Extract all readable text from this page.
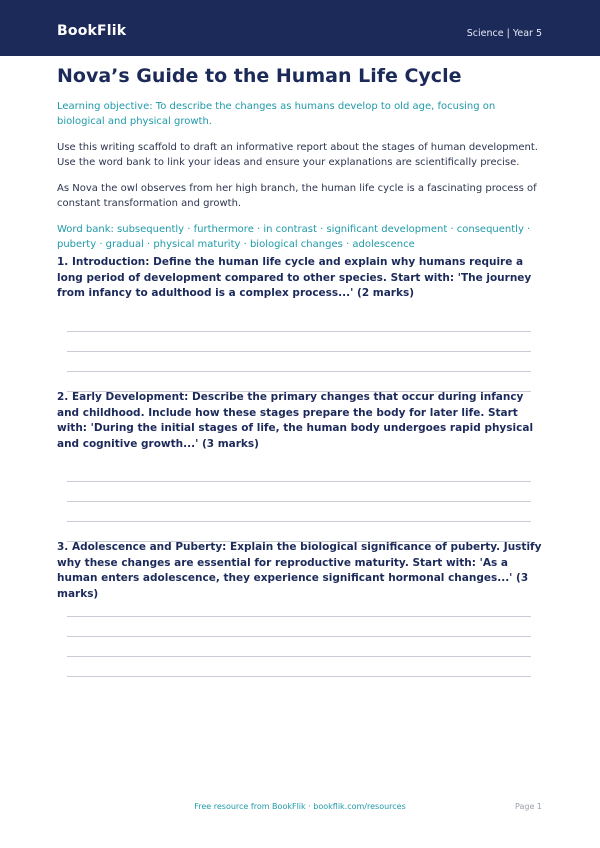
BookFlik	Science | Year 5
Nova’s Guide to the Human Life Cycle
Learning objective: To describe the changes as humans develop to old age, focusing on biological and physical growth.
Use this writing scaffold to draft an informative report about the stages of human development. Use the word bank to link your ideas and ensure your explanations are scientifically precise.
As Nova the owl observes from her high branch, the human life cycle is a fascinating process of constant transformation and growth.
Word bank: subsequently · furthermore · in contrast · significant development · consequently · puberty · gradual · physical maturity · biological changes · adolescence
1. Introduction: Define the human life cycle and explain why humans require a long period of development compared to other species. Start with: 'The journey from infancy to adulthood is a complex process...' (2 marks)
2. Early Development: Describe the primary changes that occur during infancy and childhood. Include how these stages prepare the body for later life. Start with: 'During the initial stages of life, the human body undergoes rapid physical and cognitive growth...' (3 marks)
3. Adolescence and Puberty: Explain the biological significance of puberty. Justify why these changes are essential for reproductive maturity. Start with: 'As a human enters adolescence, they experience significant hormonal changes...' (3 marks)
Free resource from BookFlik · bookflik.com/resources	Page 1
